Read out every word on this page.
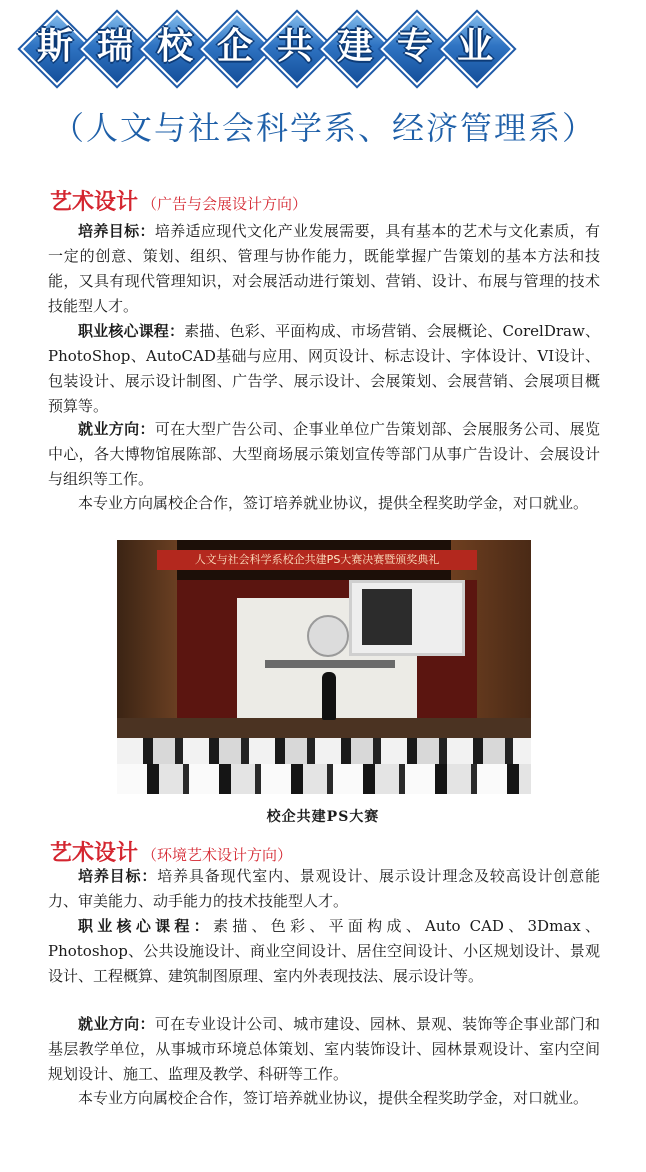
斯 瑞 校 企 共 建 专 业
（人文与社会科学系、经济管理系）
艺术设计 （广告与会展设计方向）

培养目标：培养适应现代文化产业发展需要，具有基本的艺术与文化素质，有一定的创意、策划、组织、管理与协作能力，既能掌握广告策划的基本方法和技能，又具有现代管理知识，对会展活动进行策划、营销、设计、布展与管理的技术技能型人才。

职业核心课程：素描、色彩、平面构成、市场营销、会展概论、CorelDraw、PhotoShop、AutoCAD基础与应用、网页设计、标志设计、字体设计、VI设计、包装设计、展示设计制图、广告学、展示设计、会展策划、会展营销、会展项目概预算等。

就业方向：可在大型广告公司、企事业单位广告策划部、会展服务公司、展览中心，各大博物馆展陈部、大型商场展示策划宣传等部门从事广告设计、会展设计与组织等工作。

本专业方向属校企合作，签订培养就业协议，提供全程奖助学金，对口就业。

人文与社会科学系校企共建PS大赛决赛暨颁奖典礼
校企共建PS大赛
艺术设计 （环境艺术设计方向）

培养目标：培养具备现代室内、景观设计、展示设计理念及较高设计创意能力、审美能力、动手能力的技术技能型人才。

职业核心课程：素描、色彩、平面构成、Auto CAD、3Dmax、Photoshop、公共设施设计、商业空间设计、居住空间设计、小区规划设计、景观设计、工程概算、建筑制图原理、室内外表现技法、展示设计等。

就业方向：可在专业设计公司、城市建设、园林、景观、装饰等企事业部门和基层教学单位，从事城市环境总体策划、室内装饰设计、园林景观设计、室内空间规划设计、施工、监理及教学、科研等工作。

本专业方向属校企合作，签订培养就业协议，提供全程奖助学金，对口就业。
